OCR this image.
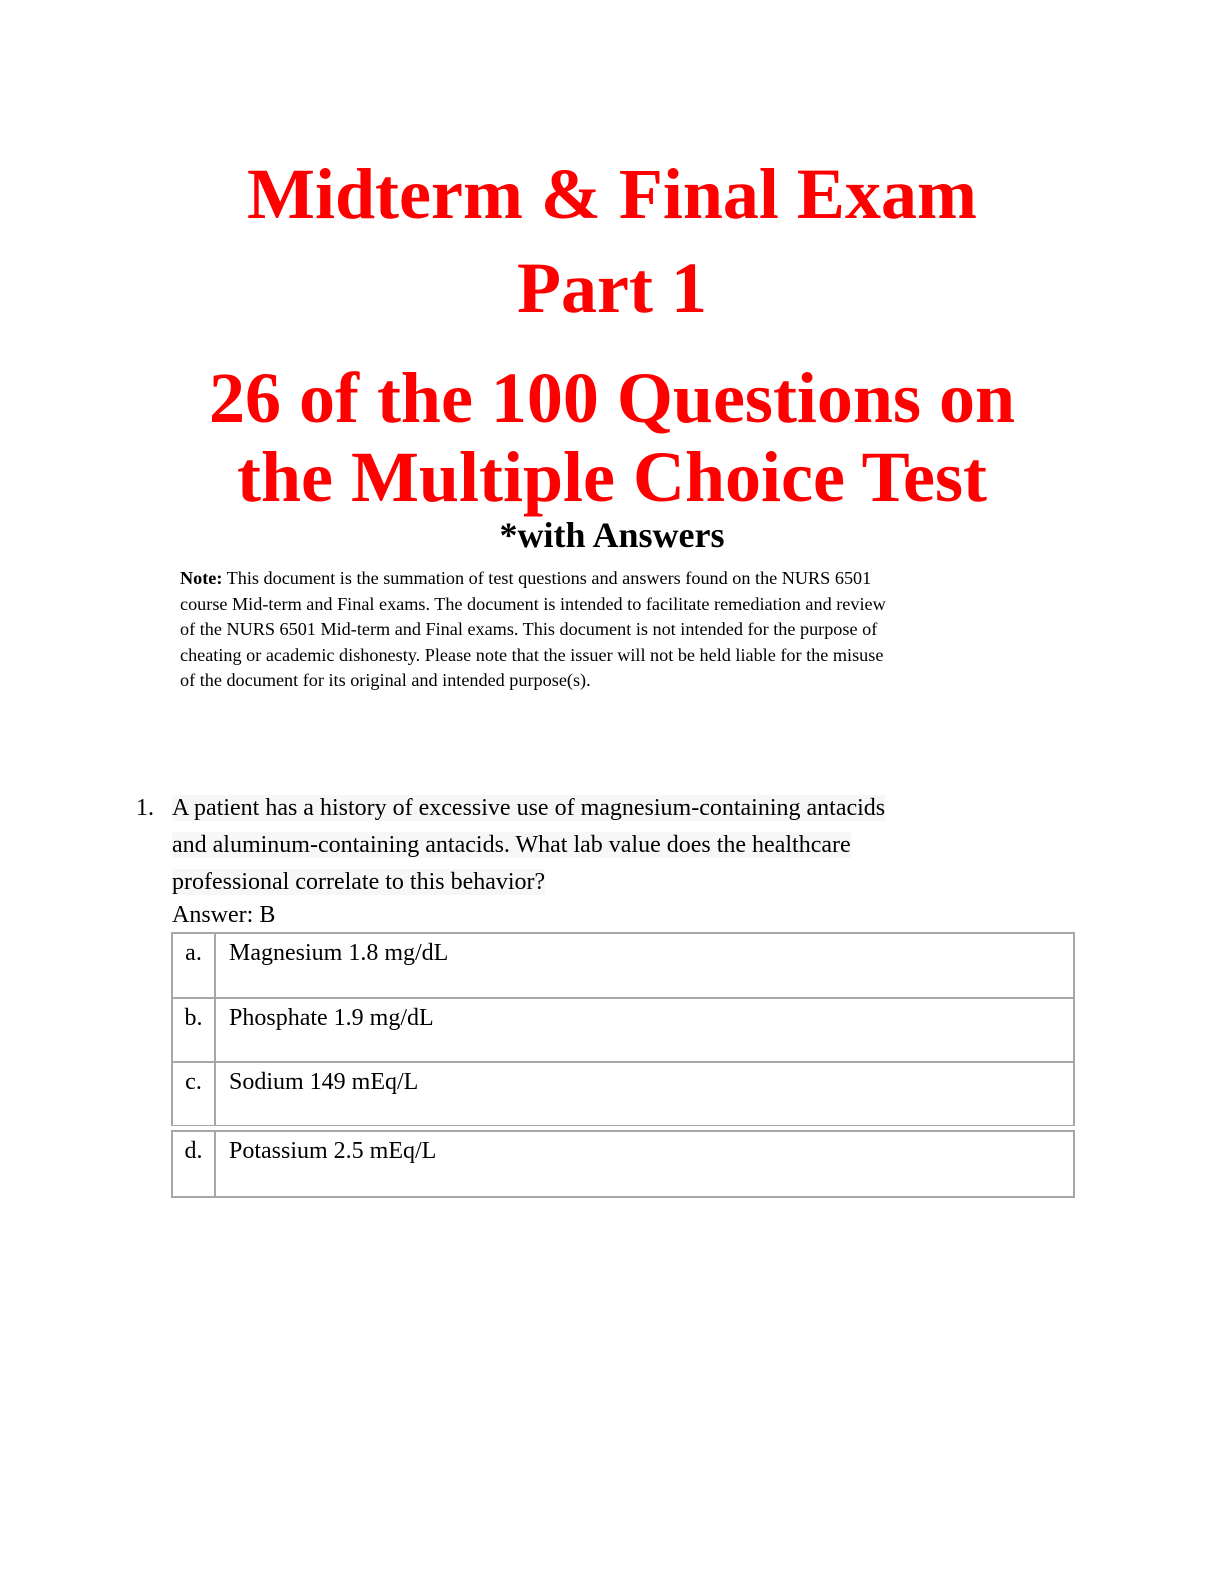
Midterm & Final Exam
Part 1
26 of the 100 Questions on
the Multiple Choice Test
*with Answers
Note: This document is the summation of test questions and answers found on the NURS 6501
course Mid-term and Final exams. The document is intended to facilitate remediation and review
of the NURS 6501 Mid-term and Final exams. This document is not intended for the purpose of
cheating or academic dishonesty. Please note that the issuer will not be held liable for the misuse
of the document for its original and intended purpose(s).
1. A patient has a history of excessive use of magnesium-containing antacids
and aluminum-containing antacids. What lab value does the healthcare
professional correlate to this behavior?
Answer: B
a.	Magnesium 1.8 mg/dL
b.	Phosphate 1.9 mg/dL
c.	Sodium 149 mEq/L
d.	Potassium 2.5 mEq/L
